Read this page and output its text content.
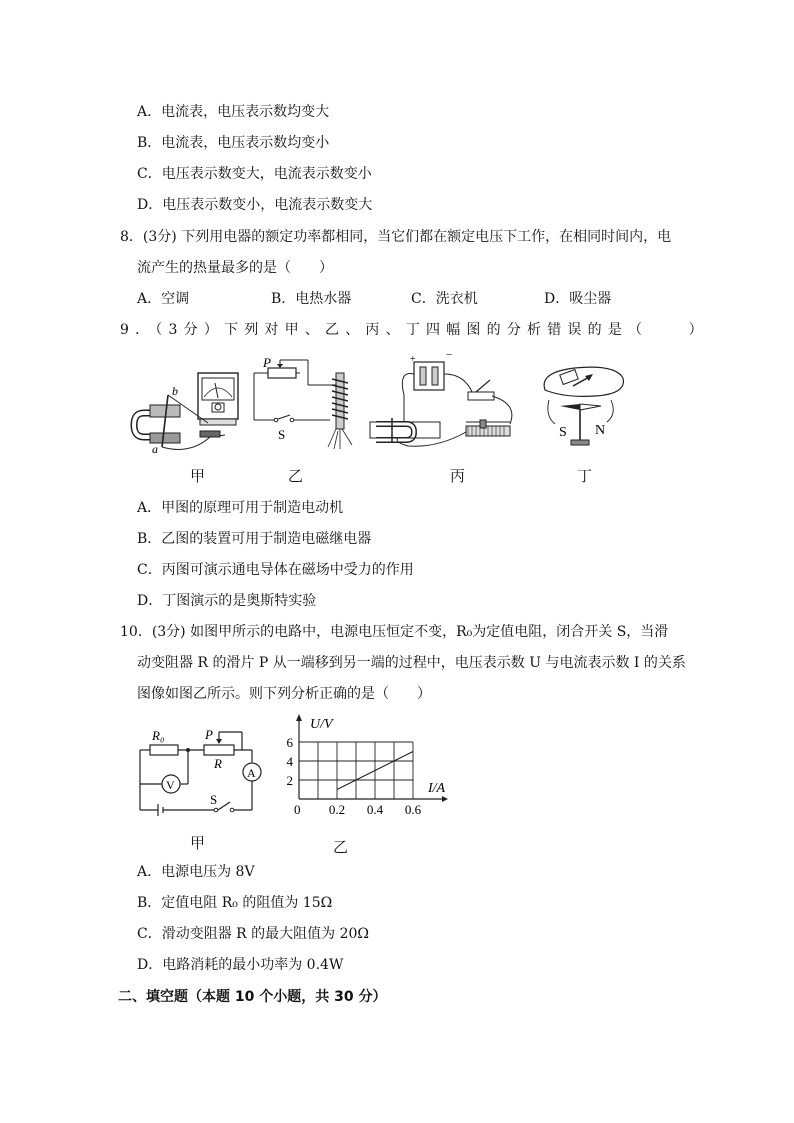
A．电流表，电压表示数均变大
B．电流表，电压表示数均变小
C．电压表示数变大，电流表示数变小
D．电压表示数变小，电流表示数变大
8．(3分) 下列用电器的额定功率都相同，当它们都在额定电压下工作，在相同时间内，电
流产生的热量最多的是（　　）
A．空调	B．电热水器	C．洗衣机	D．吸尘器
9．（3分）下列对甲、乙、丙、丁四幅图的分析错误的是（　　）
b
a
P
S
+	−
S N
甲	乙	丙	丁
A．甲图的原理可用于制造电动机
B．乙图的装置可用于制造电磁继电器
C．丙图可演示通电导体在磁场中受力的作用
D．丁图演示的是奥斯特实验
10．(3分) 如图甲所示的电路中，电源电压恒定不变，R₀为定值电阻，闭合开关 S，当滑
动变阻器 R 的滑片 P 从一端移到另一端的过程中，电压表示数 U 与电流表示数 I 的关系
图像如图乙所示。则下列分析正确的是（　　）
R₀	P
R
V
A
S
甲
0.2 0.4 0.6
2
4
6
U/V
I/A
0
乙
A．电源电压为 8V
B．定值电阻 R₀ 的阻值为 15Ω
C．滑动变阻器 R 的最大阻值为 20Ω
D．电路消耗的最小功率为 0.4W
二、填空题（本题 10 个小题，共 30 分）
